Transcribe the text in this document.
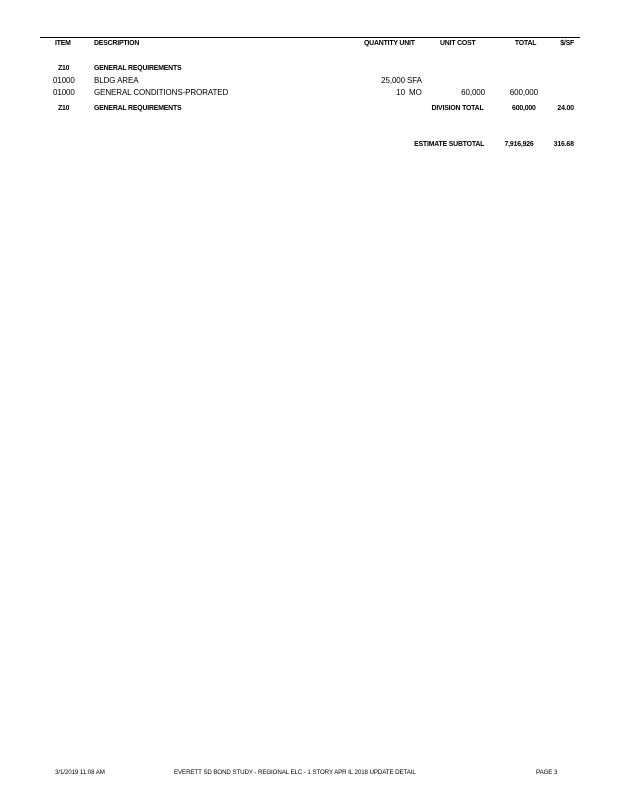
ITEM	DESCRIPTION	QUANTITY UNIT	UNIT COST	TOTAL	$/SF
Z10	GENERAL REQUIREMENTS
01000	BLDG AREA	25,000 SFA
01000	GENERAL CONDITIONS-PRORATED	10 MO	60,000	600,000
Z10	GENERAL REQUIREMENTS	DIVISION TOTAL	600,000	24.00
ESTIMATE SUBTOTAL	7,916,926	316.68
3/1/2019 11:08 AM	EVERETT SD BOND STUDY - REGIONAL ELC - 1 STORY APR IL 2018 UPDATE DETAIL	PAGE 3
